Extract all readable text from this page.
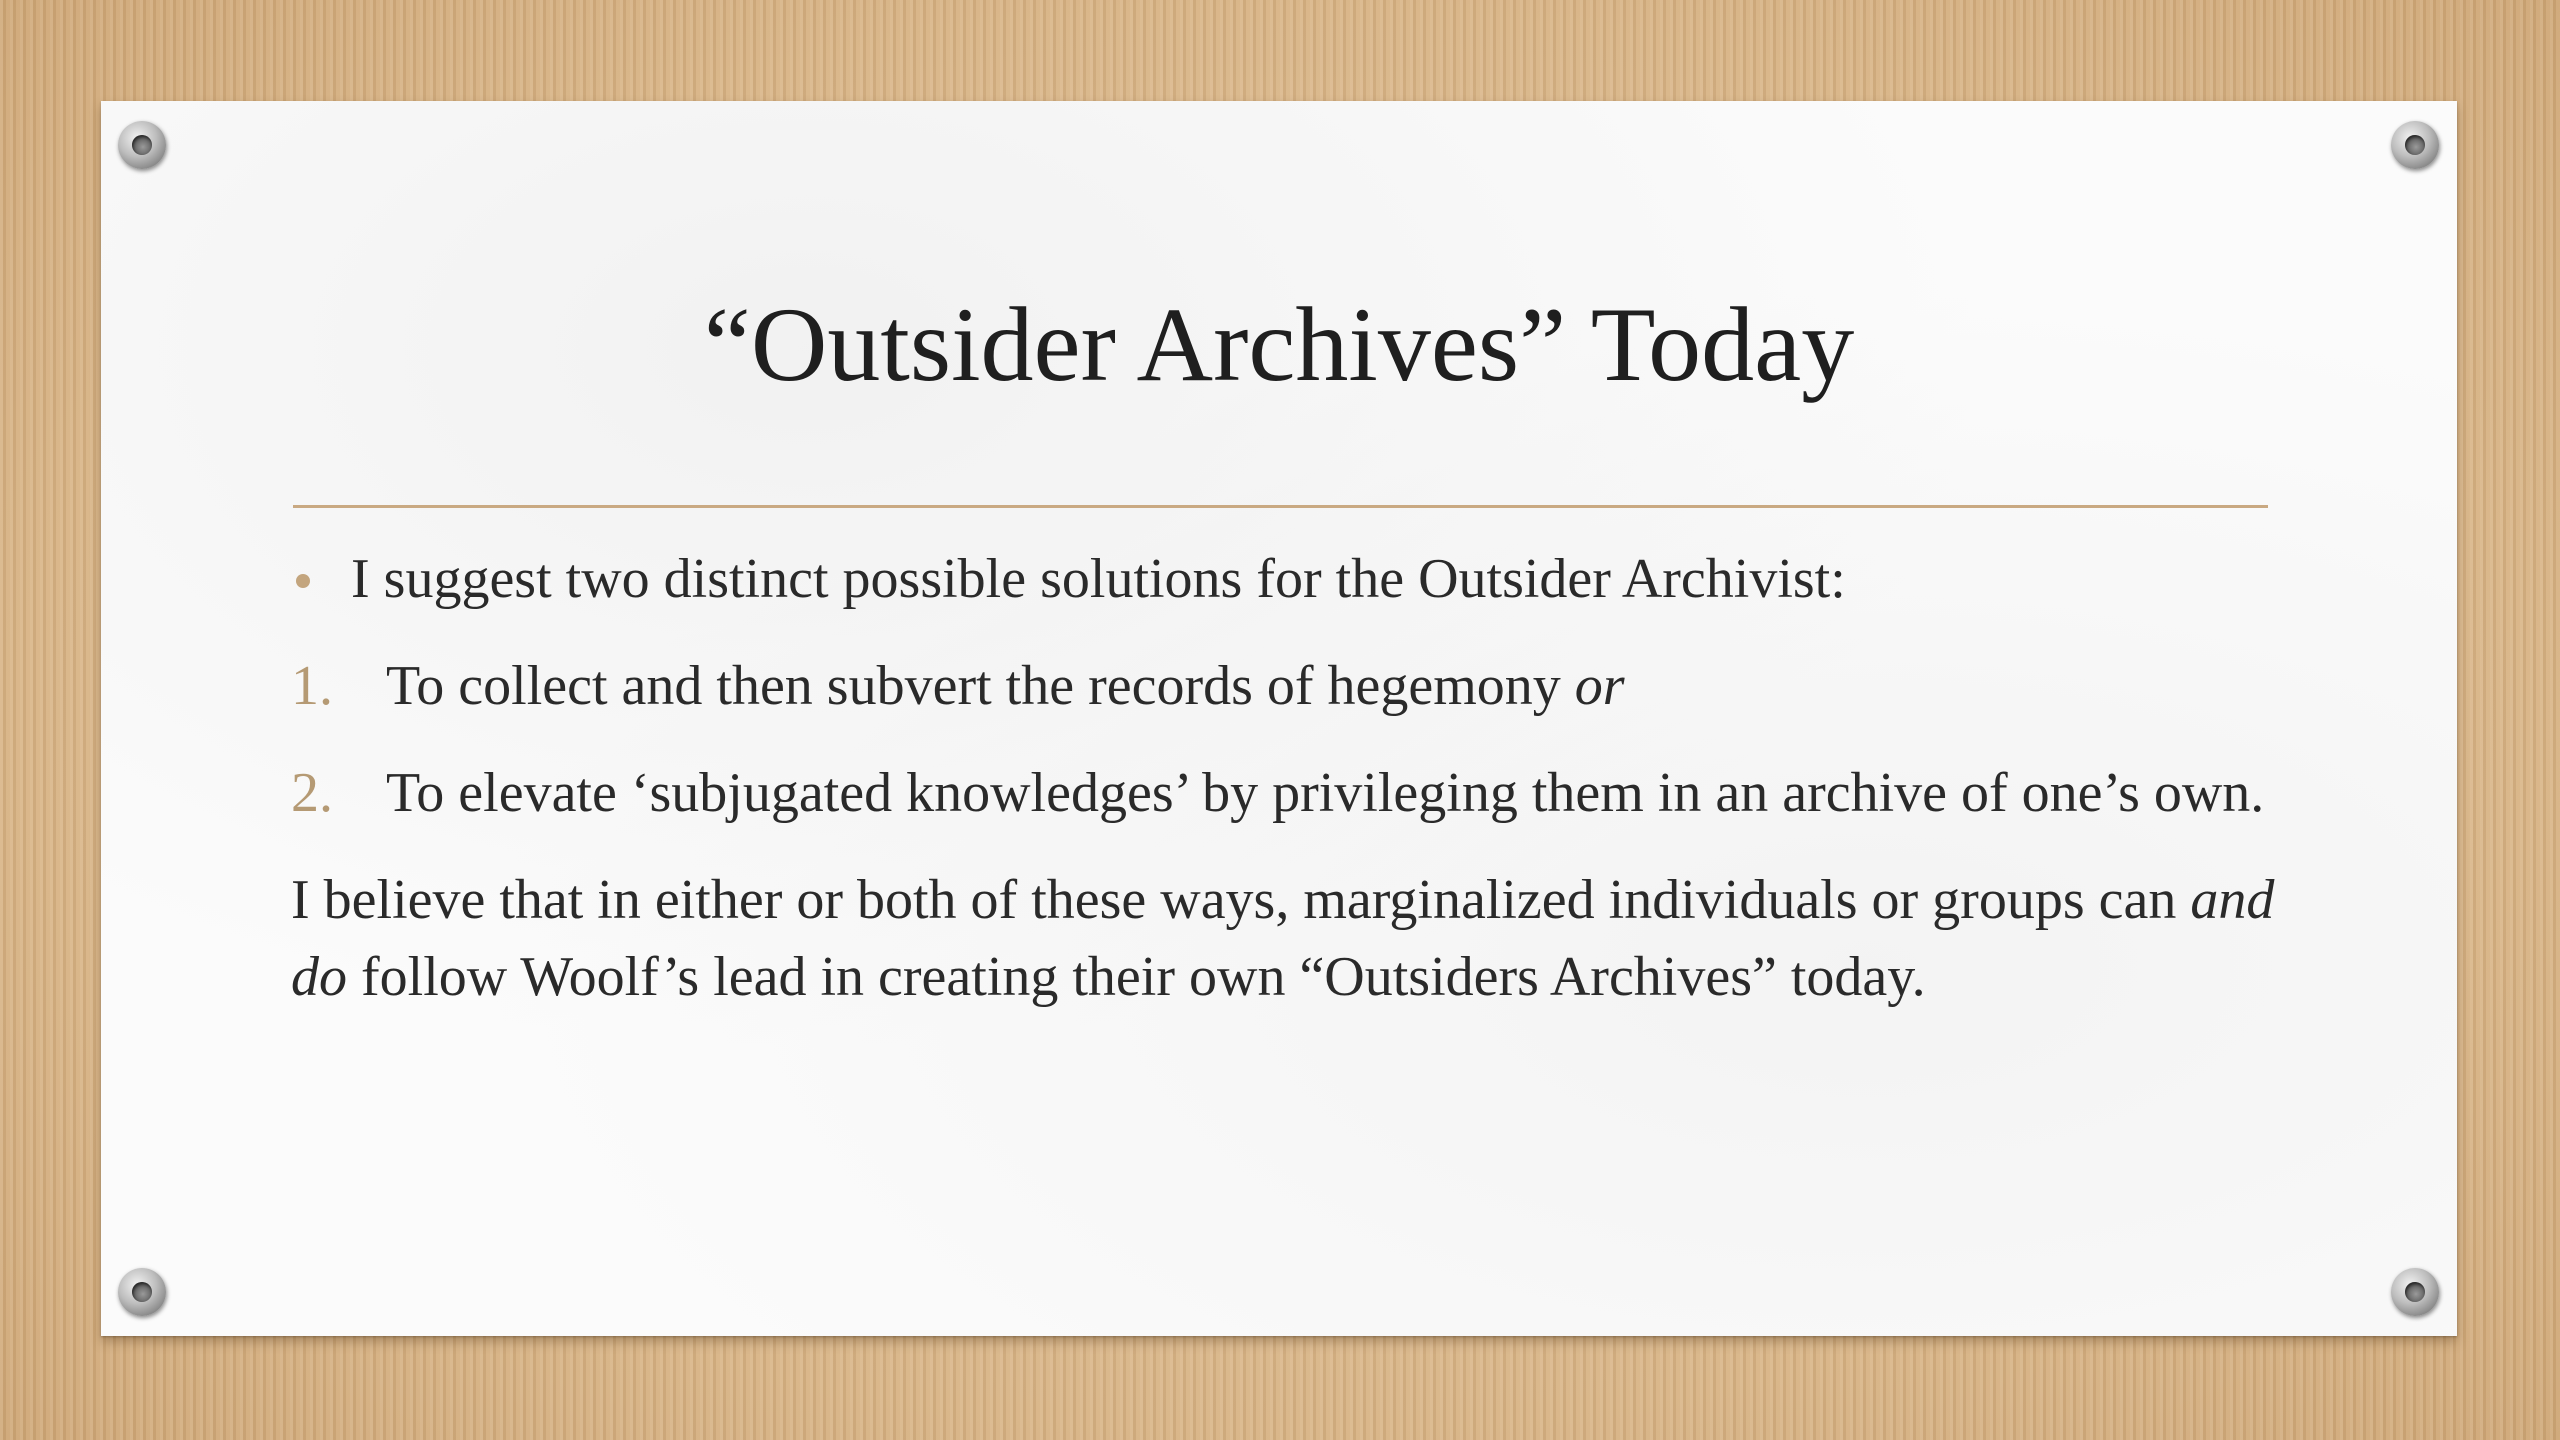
“Outsider Archives” Today
I suggest two distinct possible solutions for the Outsider Archivist:
1. To collect and then subvert the records of hegemony or
2. To elevate ‘subjugated knowledges’ by privileging them in an archive of one’s own.
I believe that in either or both of these ways, marginalized individuals or groups can and do follow Woolf’s lead in creating their own “Outsiders Archives” today.
